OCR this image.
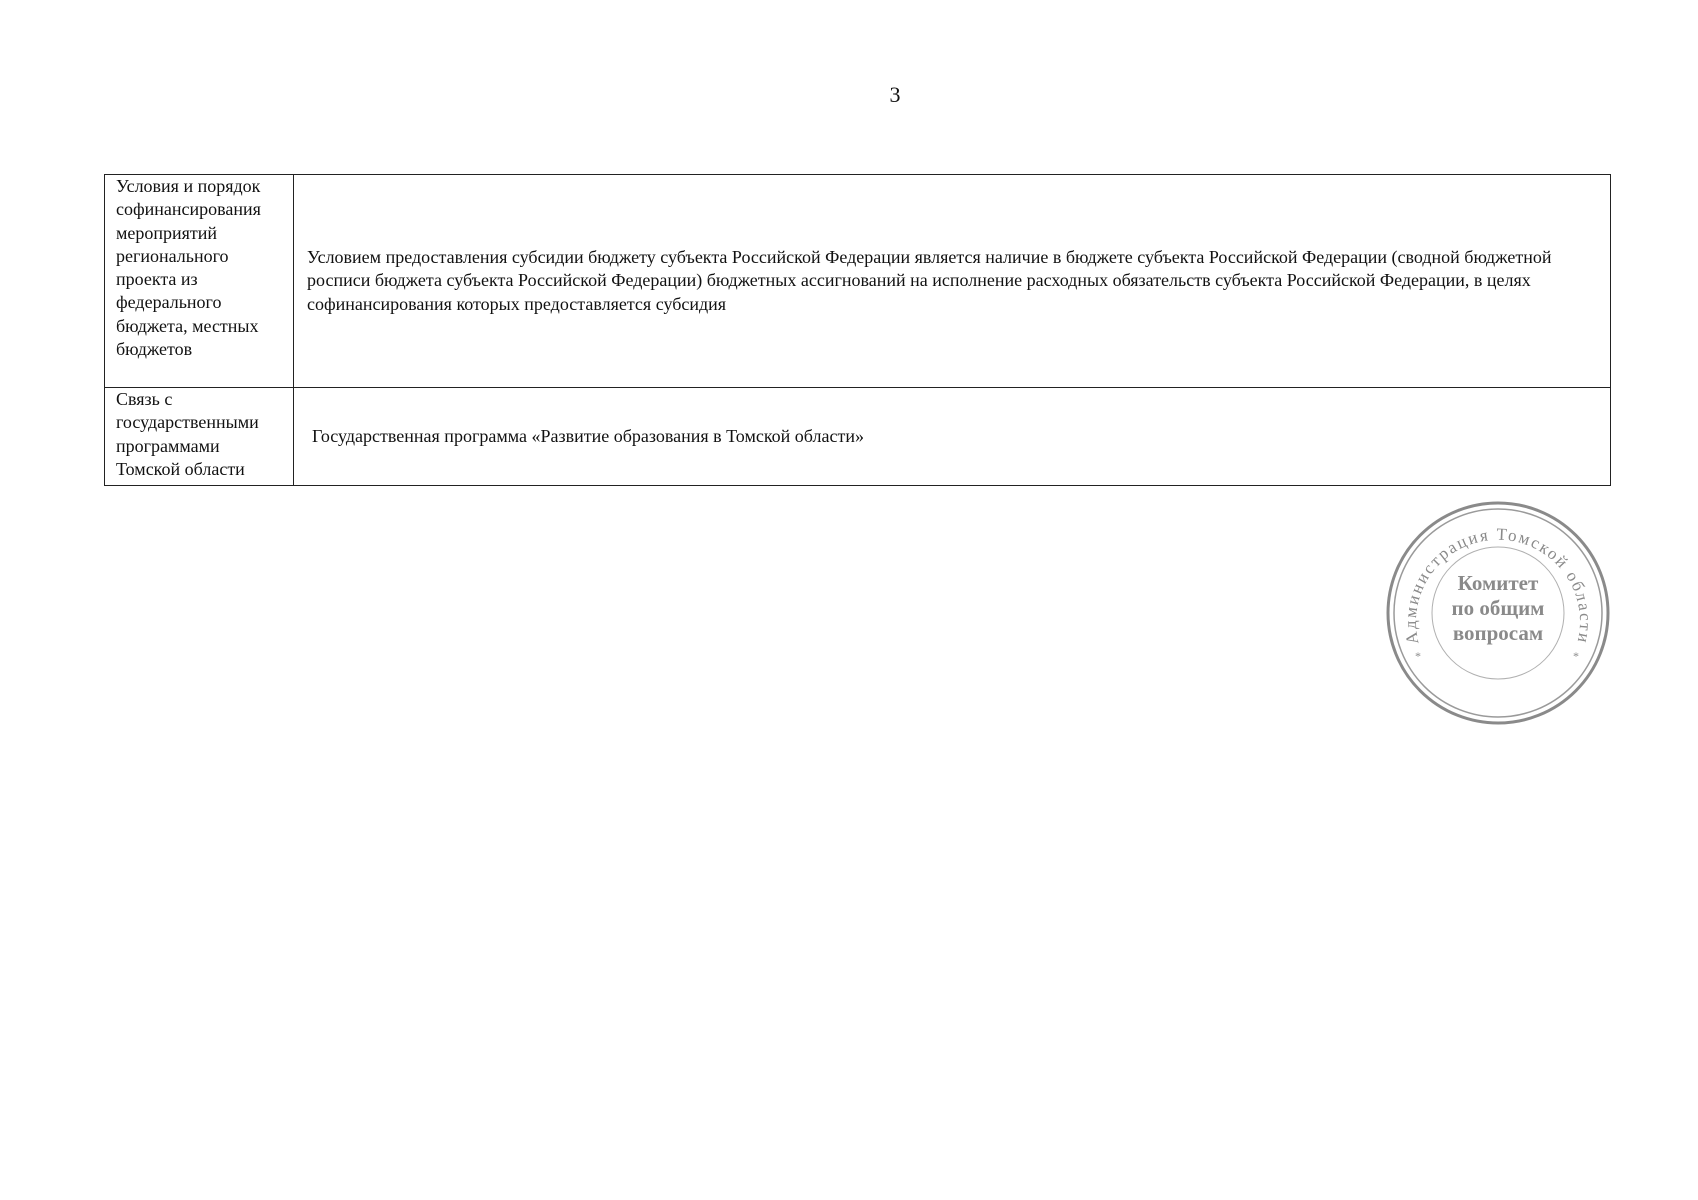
3
Условия и порядок софинансирования мероприятий регионального проекта из федерального бюджета, местных бюджетов	Условием предоставления субсидии бюджету субъекта Российской Федерации является наличие в бюджете субъекта Российской Федерации (сводной бюджетной росписи бюджета субъекта Российской Федерации) бюджетных ассигнований на исполнение расходных обязательств субъекта Российской Федерации, в целях софинансирования которых предоставляется субсидия
Связь с государственными программами Томской области	Государственная программа «Развитие образования в Томской области»
Администрация Томской области
*	*
Комитет
по общим
вопросам
